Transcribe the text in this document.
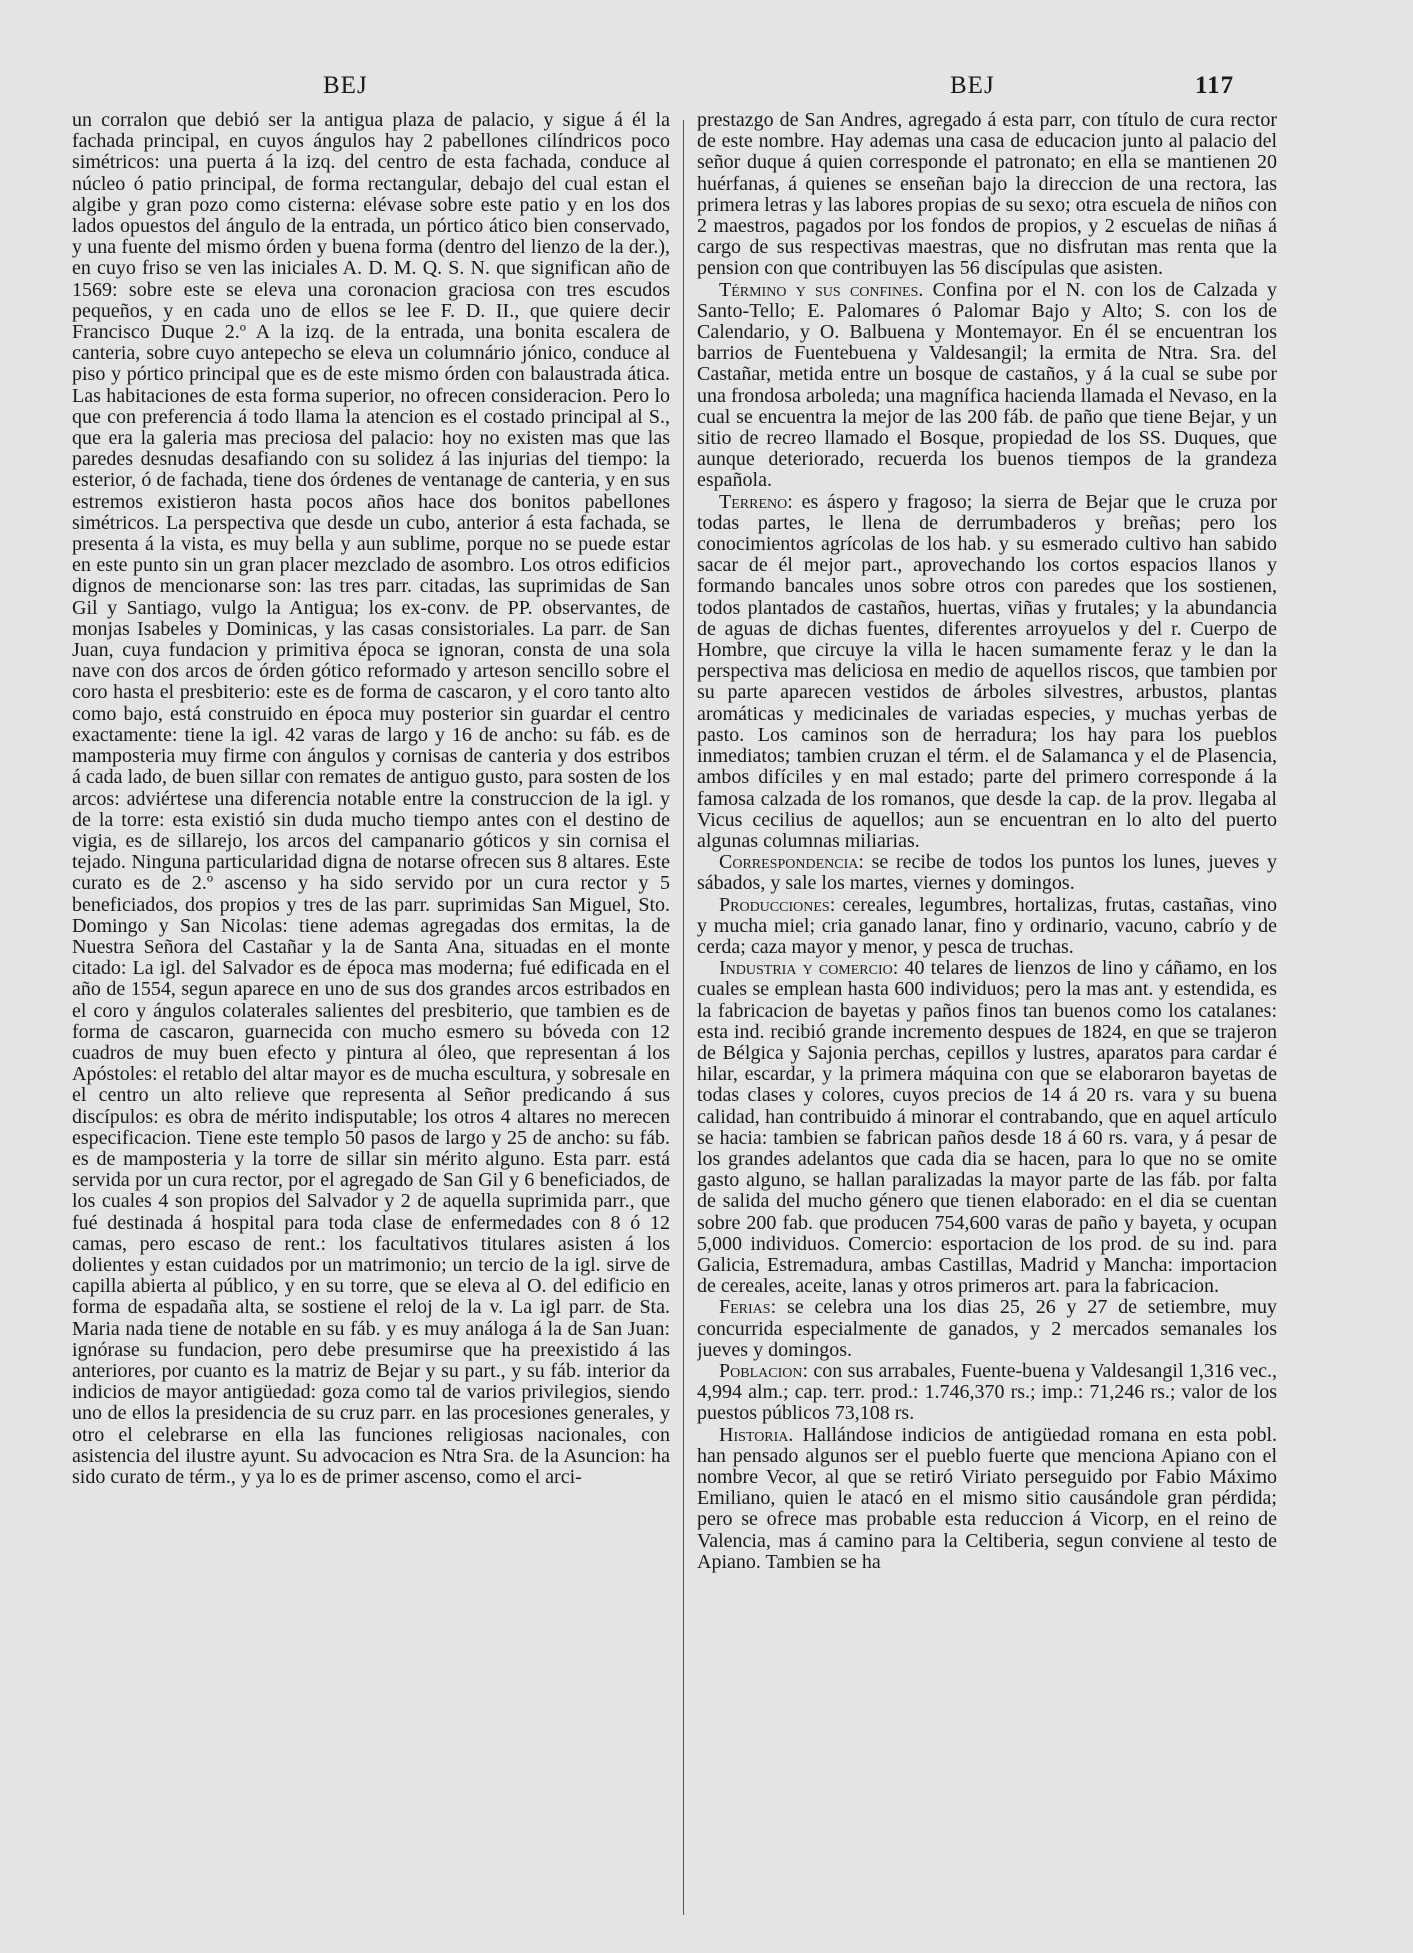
BEJ	BEJ	117

un corralon que debió ser la antigua plaza de palacio, y sigue á él la fachada principal, en cuyos ángulos hay 2 pabellones cilíndricos poco simétricos: una puerta á la izq. del centro de esta fachada, conduce al núcleo ó patio principal, de forma rectangular, debajo del cual estan el algibe y gran pozo como cisterna: elévase sobre este patio y en los dos lados opuestos del ángulo de la entrada, un pórtico ático bien conservado, y una fuente del mismo órden y buena forma (dentro del lienzo de la der.), en cuyo friso se ven las iniciales A. D. M. Q. S. N. que significan año de 1569: sobre este se eleva una coronacion graciosa con tres escudos pequeños, y en cada uno de ellos se lee F. D. II., que quiere decir Francisco Duque 2.º A la izq. de la entrada, una bonita escalera de canteria, sobre cuyo antepecho se eleva un columnário jónico, conduce al piso y pórtico principal que es de este mismo órden con balaustrada ática. Las habitaciones de esta forma superior, no ofrecen consideracion. Pero lo que con preferencia á todo llama la atencion es el costado principal al S., que era la galeria mas preciosa del palacio: hoy no existen mas que las paredes desnudas desafiando con su solidez á las injurias del tiempo: la esterior, ó de fachada, tiene dos órdenes de ventanage de canteria, y en sus estremos existieron hasta pocos años hace dos bonitos pabellones simétricos. La perspectiva que desde un cubo, anterior á esta fachada, se presenta á la vista, es muy bella y aun sublime, porque no se puede estar en este punto sin un gran placer mezclado de asombro. Los otros edificios dignos de mencionarse son: las tres parr. citadas, las suprimidas de San Gil y Santiago, vulgo la Antigua; los ex-conv. de PP. observantes, de monjas Isabeles y Dominicas, y las casas consistoriales. La parr. de San Juan, cuya fundacion y primitiva época se ignoran, consta de una sola nave con dos arcos de órden gótico reformado y arteson sencillo sobre el coro hasta el presbiterio: este es de forma de cascaron, y el coro tanto alto como bajo, está construido en época muy posterior sin guardar el centro exactamente: tiene la igl. 42 varas de largo y 16 de ancho: su fáb. es de mamposteria muy firme con ángulos y cornisas de canteria y dos estribos á cada lado, de buen sillar con remates de antiguo gusto, para sosten de los arcos: adviértese una diferencia notable entre la construccion de la igl. y de la torre: esta existió sin duda mucho tiempo antes con el destino de vigia, es de sillarejo, los arcos del campanario góticos y sin cornisa el tejado. Ninguna particularidad digna de notarse ofrecen sus 8 altares. Este curato es de 2.º ascenso y ha sido servido por un cura rector y 5 beneficiados, dos propios y tres de las parr. suprimidas San Miguel, Sto. Domingo y San Nicolas: tiene ademas agregadas dos ermitas, la de Nuestra Señora del Castañar y la de Santa Ana, situadas en el monte citado: La igl. del Salvador es de época mas moderna; fué edificada en el año de 1554, segun aparece en uno de sus dos grandes arcos estribados en el coro y ángulos colaterales salientes del presbiterio, que tambien es de forma de cascaron, guarnecida con mucho esmero su bóveda con 12 cuadros de muy buen efecto y pintura al óleo, que representan á los Apóstoles: el retablo del altar mayor es de mucha escultura, y sobresale en el centro un alto relieve que representa al Señor predicando á sus discípulos: es obra de mérito indisputable; los otros 4 altares no merecen especificacion. Tiene este templo 50 pasos de largo y 25 de ancho: su fáb. es de mamposteria y la torre de sillar sin mérito alguno. Esta parr. está servida por un cura rector, por el agregado de San Gil y 6 beneficiados, de los cuales 4 son propios del Salvador y 2 de aquella suprimida parr., que fué destinada á hospital para toda clase de enfermedades con 8 ó 12 camas, pero escaso de rent.: los facultativos titulares asisten á los dolientes y estan cuidados por un matrimonio; un tercio de la igl. sirve de capilla abierta al público, y en su torre, que se eleva al O. del edificio en forma de espadaña alta, se sostiene el reloj de la v. La igl parr. de Sta. Maria nada tiene de notable en su fáb. y es muy análoga á la de San Juan: ignórase su fundacion, pero debe presumirse que ha preexistido á las anteriores, por cuanto es la matriz de Bejar y su part., y su fáb. interior da indicios de mayor antigüedad: goza como tal de varios privilegios, siendo uno de ellos la presidencia de su cruz parr. en las procesiones generales, y otro el celebrarse en ella las funciones religiosas nacionales, con asistencia del ilustre ayunt. Su advocacion es Ntra Sra. de la Asuncion: ha sido curato de térm., y ya lo es de primer ascenso, como el arci-

prestazgo de San Andres, agregado á esta parr, con título de cura rector de este nombre. Hay ademas una casa de educacion junto al palacio del señor duque á quien corresponde el patronato; en ella se mantienen 20 huérfanas, á quienes se enseñan bajo la direccion de una rectora, las primera letras y las labores propias de su sexo; otra escuela de niños con 2 maestros, pagados por los fondos de propios, y 2 escuelas de niñas á cargo de sus respectivas maestras, que no disfrutan mas renta que la pension con que contribuyen las 56 discípulas que asisten.

Término y sus confines. Confina por el N. con los de Calzada y Santo-Tello; E. Palomares ó Palomar Bajo y Alto; S. con los de Calendario, y O. Balbuena y Montemayor. En él se encuentran los barrios de Fuentebuena y Valdesangil; la ermita de Ntra. Sra. del Castañar, metida entre un bosque de castaños, y á la cual se sube por una frondosa arboleda; una magnífica hacienda llamada el Nevaso, en la cual se encuentra la mejor de las 200 fáb. de paño que tiene Bejar, y un sitio de recreo llamado el Bosque, propiedad de los SS. Duques, que aunque deteriorado, recuerda los buenos tiempos de la grandeza española.

Terreno: es áspero y fragoso; la sierra de Bejar que le cruza por todas partes, le llena de derrumbaderos y breñas; pero los conocimientos agrícolas de los hab. y su esmerado cultivo han sabido sacar de él mejor part., aprovechando los cortos espacios llanos y formando bancales unos sobre otros con paredes que los sostienen, todos plantados de castaños, huertas, viñas y frutales; y la abundancia de aguas de dichas fuentes, diferentes arroyuelos y del r. Cuerpo de Hombre, que circuye la villa le hacen sumamente feraz y le dan la perspectiva mas deliciosa en medio de aquellos riscos, que tambien por su parte aparecen vestidos de árboles silvestres, arbustos, plantas aromáticas y medicinales de variadas especies, y muchas yerbas de pasto. Los caminos son de herradura; los hay para los pueblos inmediatos; tambien cruzan el térm. el de Salamanca y el de Plasencia, ambos difíciles y en mal estado; parte del primero corresponde á la famosa calzada de los romanos, que desde la cap. de la prov. llegaba al Vicus cecilius de aquellos; aun se encuentran en lo alto del puerto algunas columnas miliarias.

Correspondencia: se recibe de todos los puntos los lunes, jueves y sábados, y sale los martes, viernes y domingos.

Producciones: cereales, legumbres, hortalizas, frutas, castañas, vino y mucha miel; cria ganado lanar, fino y ordinario, vacuno, cabrío y de cerda; caza mayor y menor, y pesca de truchas.

Industria y comercio: 40 telares de lienzos de lino y cáñamo, en los cuales se emplean hasta 600 individuos; pero la mas ant. y estendida, es la fabricacion de bayetas y paños finos tan buenos como los catalanes: esta ind. recibió grande incremento despues de 1824, en que se trajeron de Bélgica y Sajonia perchas, cepillos y lustres, aparatos para cardar é hilar, escardar, y la primera máquina con que se elaboraron bayetas de todas clases y colores, cuyos precios de 14 á 20 rs. vara y su buena calidad, han contribuido á minorar el contrabando, que en aquel artículo se hacia: tambien se fabrican paños desde 18 á 60 rs. vara, y á pesar de los grandes adelantos que cada dia se hacen, para lo que no se omite gasto alguno, se hallan paralizadas la mayor parte de las fáb. por falta de salida del mucho género que tienen elaborado: en el dia se cuentan sobre 200 fab. que producen 754,600 varas de paño y bayeta, y ocupan 5,000 individuos. Comercio: esportacion de los prod. de su ind. para Galicia, Estremadura, ambas Castillas, Madrid y Mancha: importacion de cereales, aceite, lanas y otros primeros art. para la fabricacion.

Ferias: se celebra una los dias 25, 26 y 27 de setiembre, muy concurrida especialmente de ganados, y 2 mercados semanales los jueves y domingos.

Poblacion: con sus arrabales, Fuente-buena y Valdesangil 1,316 vec., 4,994 alm.; cap. terr. prod.: 1.746,370 rs.; imp.: 71,246 rs.; valor de los puestos públicos 73,108 rs.

Historia. Hallándose indicios de antigüedad romana en esta pobl. han pensado algunos ser el pueblo fuerte que menciona Apiano con el nombre Vecor, al que se retiró Viriato perseguido por Fabio Máximo Emiliano, quien le atacó en el mismo sitio causándole gran pérdida; pero se ofrece mas probable esta reduccion á Vicorp, en el reino de Valencia, mas á camino para la Celtiberia, segun conviene al testo de Apiano. Tambien se ha
